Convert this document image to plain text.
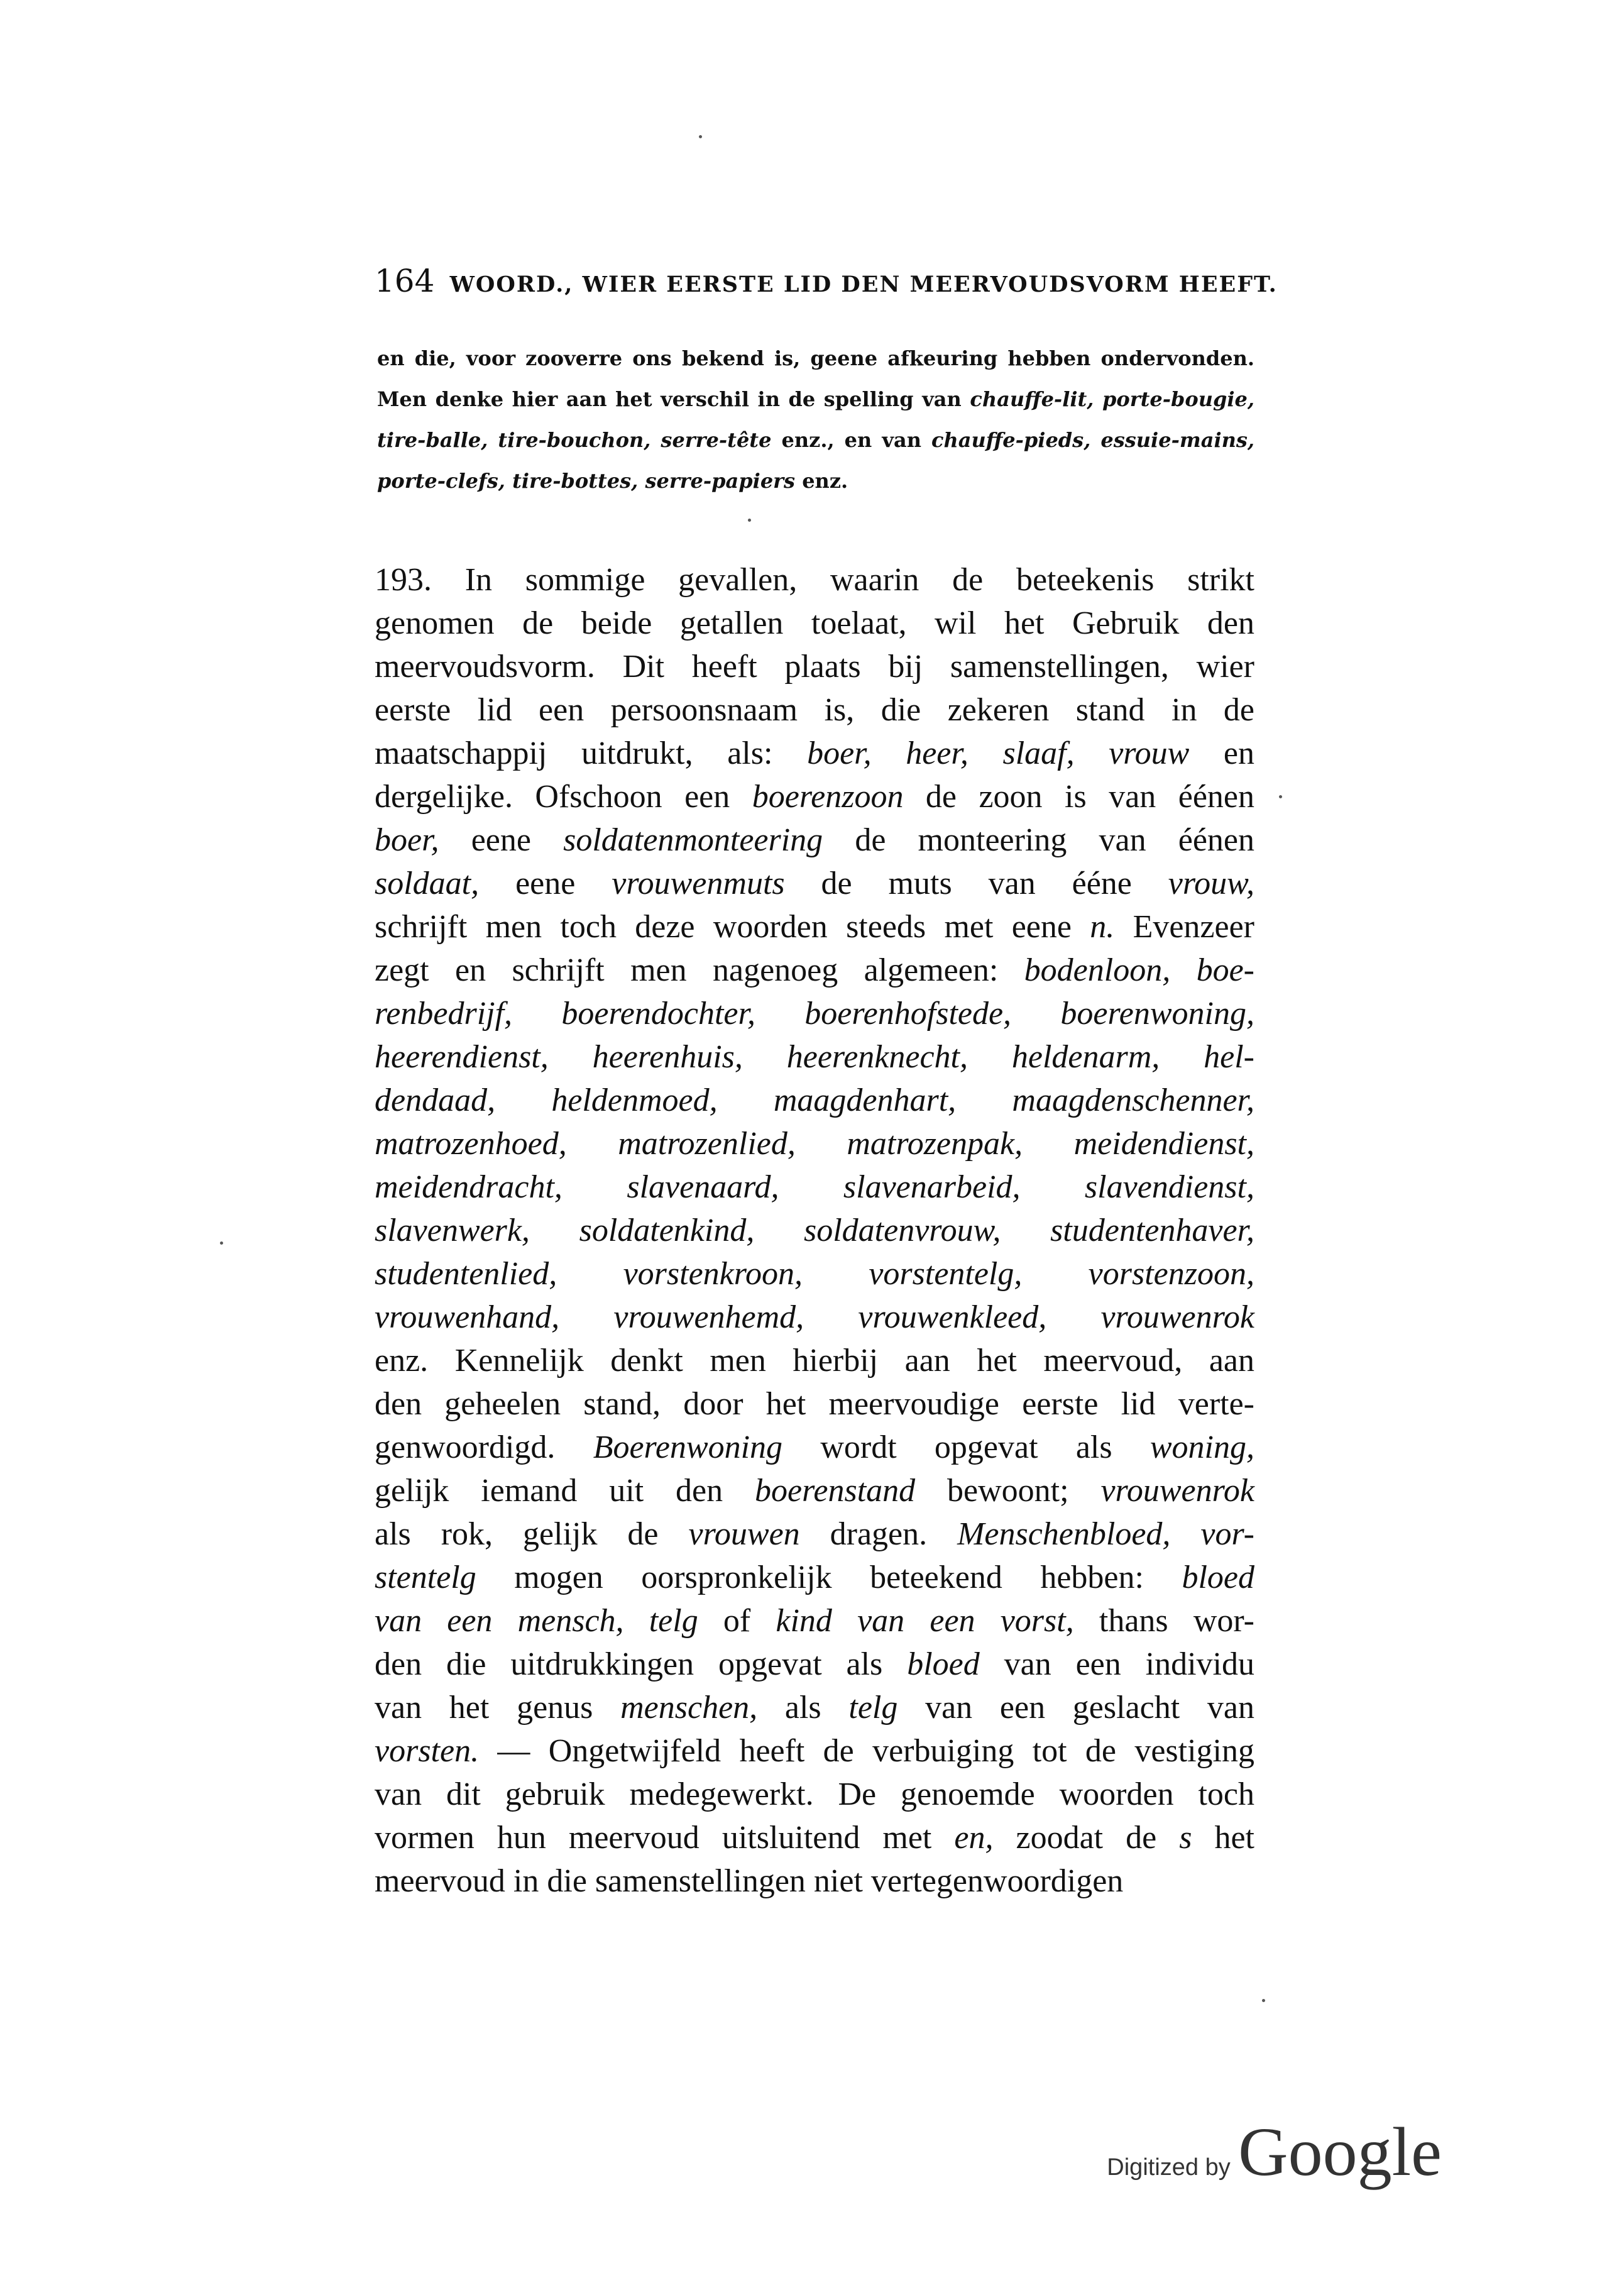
164 WOORD., WIER EERSTE LID DEN MEERVOUDSVORM HEEFT.
en die, voor zooverre ons bekend is, geene afkeuring hebben ondervonden.
Men denke hier aan het verschil in de spelling van chauffe-lit, porte-bougie,
tire-balle, tire-bouchon, serre-tête enz., en van chauffe-pieds, essuie-mains,
porte-clefs, tire-bottes, serre-papiers enz.
193. In sommige gevallen, waarin de beteekenis strikt
genomen de beide getallen toelaat, wil het Gebruik den
meervoudsvorm. Dit heeft plaats bij samenstellingen, wier
eerste lid een persoonsnaam is, die zekeren stand in de
maatschappij uitdrukt, als: boer, heer, slaaf, vrouw en
dergelijke. Ofschoon een boerenzoon de zoon is van éénen
boer, eene soldatenmonteering de monteering van éénen
soldaat, eene vrouwenmuts de muts van ééne vrouw,
schrijft men toch deze woorden steeds met eene n. Evenzeer
zegt en schrijft men nagenoeg algemeen: bodenloon, boe-
renbedrijf, boerendochter, boerenhofstede, boerenwoning,
heerendienst, heerenhuis, heerenknecht, heldenarm, hel-
dendaad, heldenmoed, maagdenhart, maagdenschenner,
matrozenhoed, matrozenlied, matrozenpak, meidendienst,
meidendracht, slavenaard, slavenarbeid, slavendienst,
slavenwerk, soldatenkind, soldatenvrouw, studentenhaver,
studentenlied, vorstenkroon, vorstentelg, vorstenzoon,
vrouwenhand, vrouwenhemd, vrouwenkleed, vrouwenrok
enz. Kennelijk denkt men hierbij aan het meervoud, aan
den geheelen stand, door het meervoudige eerste lid verte-
genwoordigd. Boerenwoning wordt opgevat als woning,
gelijk iemand uit den boerenstand bewoont; vrouwenrok
als rok, gelijk de vrouwen dragen. Menschenbloed, vor-
stentelg mogen oorspronkelijk beteekend hebben: bloed
van een mensch, telg of kind van een vorst, thans wor-
den die uitdrukkingen opgevat als bloed van een individu
van het genus menschen, als telg van een geslacht van
vorsten. — Ongetwijfeld heeft de verbuiging tot de vestiging
van dit gebruik medegewerkt. De genoemde woorden toch
vormen hun meervoud uitsluitend met en, zoodat de s het
meervoud in die samenstellingen niet vertegenwoordigen
Digitized by Google
